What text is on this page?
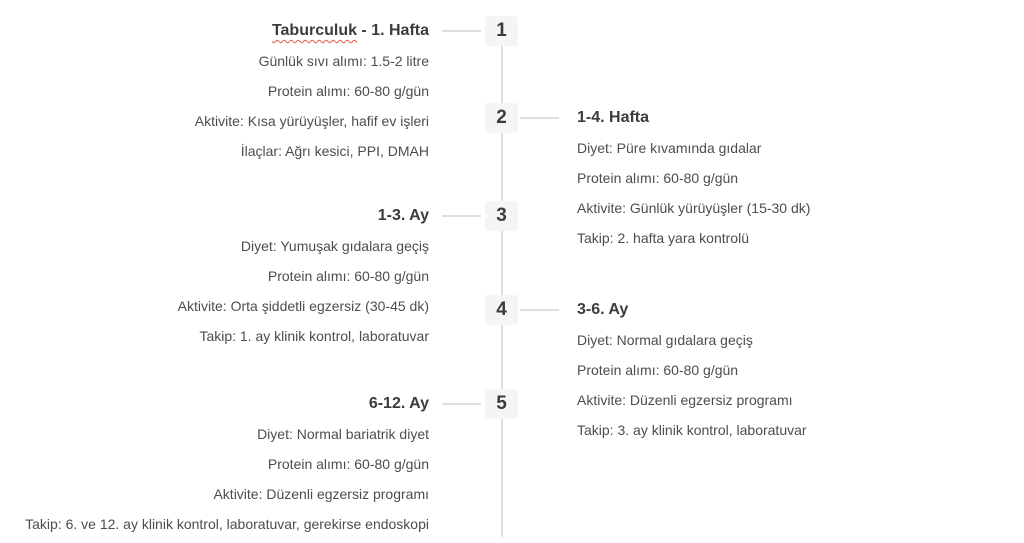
1
2
3
4
5
Taburculuk - 1. Hafta
Günlük sıvı alımı: 1.5-2 litre
Protein alımı: 60-80 g/gün
Aktivite: Kısa yürüyüşler, hafif ev işleri
İlaçlar: Ağrı kesici, PPI, DMAH
1-4. Hafta
Diyet: Püre kıvamında gıdalar
Protein alımı: 60-80 g/gün
Aktivite: Günlük yürüyüşler (15-30 dk)
Takip: 2. hafta yara kontrolü
1-3. Ay
Diyet: Yumuşak gıdalara geçiş
Protein alımı: 60-80 g/gün
Aktivite: Orta şiddetli egzersiz (30-45 dk)
Takip: 1. ay klinik kontrol, laboratuvar
3-6. Ay
Diyet: Normal gıdalara geçiş
Protein alımı: 60-80 g/gün
Aktivite: Düzenli egzersiz programı
Takip: 3. ay klinik kontrol, laboratuvar
6-12. Ay
Diyet: Normal bariatrik diyet
Protein alımı: 60-80 g/gün
Aktivite: Düzenli egzersiz programı
Takip: 6. ve 12. ay klinik kontrol, laboratuvar, gerekirse endoskopi
